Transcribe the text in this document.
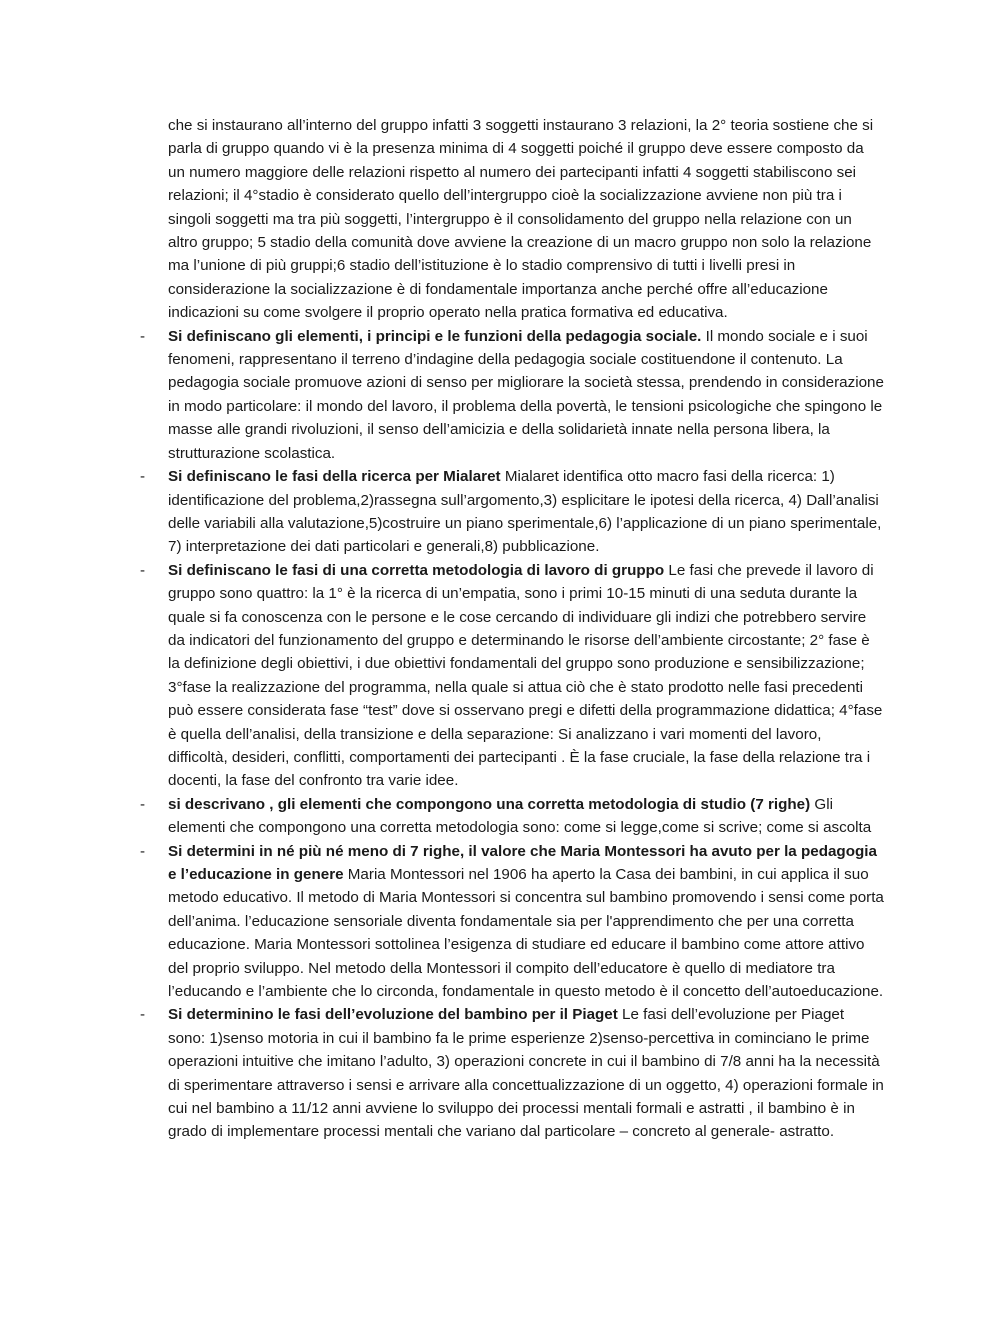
che si instaurano all’interno del gruppo infatti 3 soggetti instaurano 3 relazioni, la 2° teoria sostiene che si parla di gruppo quando vi è la presenza minima di 4 soggetti poiché il gruppo deve essere composto da un numero maggiore delle relazioni rispetto al numero dei partecipanti infatti 4 soggetti stabiliscono sei relazioni; il 4°stadio è considerato quello dell’intergruppo cioè la socializzazione avviene non più tra i singoli soggetti ma tra più soggetti, l’intergruppo è il consolidamento del gruppo nella relazione con un altro gruppo; 5 stadio della comunità dove avviene la creazione di un macro gruppo non solo la relazione ma l’unione di più gruppi;6 stadio dell’istituzione è lo stadio comprensivo di tutti i livelli presi in considerazione la socializzazione è di fondamentale importanza anche perché offre all’educazione indicazioni su come svolgere il proprio operato nella pratica formativa ed educativa.

- Si definiscano gli elementi, i principi e le funzioni della pedagogia sociale. Il mondo sociale e i suoi fenomeni, rappresentano il terreno d’indagine della pedagogia sociale costituendone il contenuto. La pedagogia sociale promuove azioni di senso per migliorare la società stessa, prendendo in considerazione in modo particolare: il mondo del lavoro, il problema della povertà, le tensioni psicologiche che spingono le masse alle grandi rivoluzioni, il senso dell’amicizia e della solidarietà innate nella persona libera, la strutturazione scolastica.
- Si definiscano le fasi della ricerca per Mialaret Mialaret identifica otto macro fasi della ricerca: 1) identificazione del problema,2)rassegna sull’argomento,3) esplicitare le ipotesi della ricerca, 4) Dall’analisi delle variabili alla valutazione,5)costruire un piano sperimentale,6) l’applicazione di un piano sperimentale, 7) interpretazione dei dati particolari e generali,8) pubblicazione.
- Si definiscano le fasi di una corretta metodologia di lavoro di gruppo Le fasi che prevede il lavoro di gruppo sono quattro: la 1° è la ricerca di un’empatia, sono i primi 10-15 minuti di una seduta durante la quale si fa conoscenza con le persone e le cose cercando di individuare gli indizi che potrebbero servire da indicatori del funzionamento del gruppo e determinando le risorse dell’ambiente circostante; 2° fase è la definizione degli obiettivi, i due obiettivi fondamentali del gruppo sono produzione e sensibilizzazione; 3°fase la realizzazione del programma, nella quale si attua ciò che è stato prodotto nelle fasi precedenti può essere considerata fase “test” dove si osservano pregi e difetti della programmazione didattica; 4°fase è quella dell’analisi, della transizione e della separazione: Si analizzano i vari momenti del lavoro, difficoltà, desideri, conflitti, comportamenti dei partecipanti . È la fase cruciale, la fase della relazione tra i docenti, la fase del confronto tra varie idee.
- si descrivano , gli elementi che compongono una corretta metodologia di studio (7 righe) Gli elementi che compongono una corretta metodologia sono: come si legge,come si scrive; come si ascolta
- Si determini in né più né meno di 7 righe, il valore che Maria Montessori ha avuto per la pedagogia e l’educazione in genere Maria Montessori nel 1906 ha aperto la Casa dei bambini, in cui applica il suo metodo educativo. Il metodo di Maria Montessori si concentra sul bambino promovendo i sensi come porta dell’anima. l’educazione sensoriale diventa fondamentale sia per l'apprendimento che per una corretta educazione. Maria Montessori sottolinea l’esigenza di studiare ed educare il bambino come attore attivo del proprio sviluppo. Nel metodo della Montessori il compito dell’educatore è quello di mediatore tra l’educando e l’ambiente che lo circonda, fondamentale in questo metodo è il concetto dell’autoeducazione.
- Si determinino le fasi dell’evoluzione del bambino per il Piaget Le fasi dell’evoluzione per Piaget sono: 1)senso motoria in cui il bambino fa le prime esperienze 2)senso-percettiva in cominciano le prime operazioni intuitive che imitano l’adulto, 3) operazioni concrete in cui il bambino di 7/8 anni ha la necessità di sperimentare attraverso i sensi e arrivare alla concettualizzazione di un oggetto, 4) operazioni formale in cui nel bambino a 11/12 anni avviene lo sviluppo dei processi mentali formali e astratti , il bambino è in grado di implementare processi mentali che variano dal particolare – concreto al generale- astratto.
